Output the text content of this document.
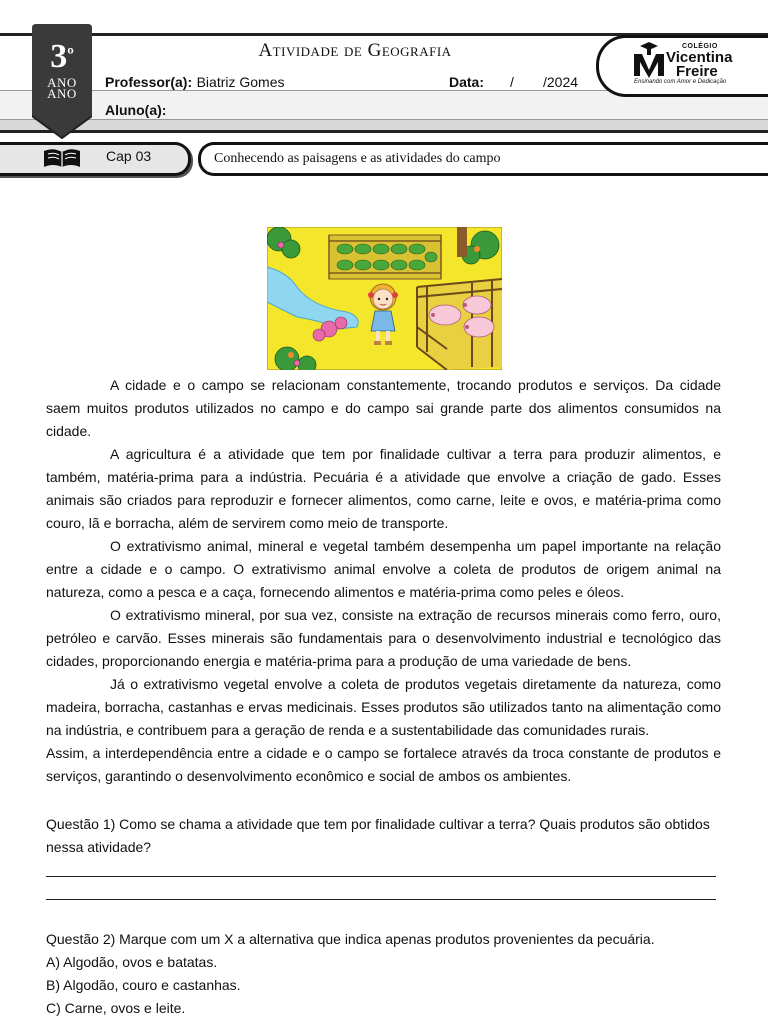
$3^º$
ANO
ANO
Atividade de Geografia
Professor(a): Biatriz Gomes	Data: / /2024
Aluno(a):
COLÉGIO
Vicentina
Freire
Ensinando com Amor e Dedicação
Cap 03	Conhecendo as paisagens e as atividades do campo

A cidade e o campo se relacionam constantemente, trocando produtos e serviços. Da cidade saem muitos produtos utilizados no campo e do campo sai grande parte dos alimentos consumidos na cidade.

A agricultura é a atividade que tem por finalidade cultivar a terra para produzir alimentos, e também, matéria-prima para a indústria. Pecuária é a atividade que envolve a criação de gado. Esses animais são criados para reproduzir e fornecer alimentos, como carne, leite e ovos, e matéria-prima como couro, lã e borracha, além de servirem como meio de transporte.

O extrativismo animal, mineral e vegetal também desempenha um papel importante na relação entre a cidade e o campo. O extrativismo animal envolve a coleta de produtos de origem animal na natureza, como a pesca e a caça, fornecendo alimentos e matéria-prima como peles e óleos.

O extrativismo mineral, por sua vez, consiste na extração de recursos minerais como ferro, ouro, petróleo e carvão. Esses minerais são fundamentais para o desenvolvimento industrial e tecnológico das cidades, proporcionando energia e matéria-prima para a produção de uma variedade de bens.

Já o extrativismo vegetal envolve a coleta de produtos vegetais diretamente da natureza, como madeira, borracha, castanhas e ervas medicinais. Esses produtos são utilizados tanto na alimentação como na indústria, e contribuem para a geração de renda e a sustentabilidade das comunidades rurais.

Assim, a interdependência entre a cidade e o campo se fortalece através da troca constante de produtos e serviços, garantindo o desenvolvimento econômico e social de ambos os ambientes.

Questão 1) Como se chama a atividade que tem por finalidade cultivar a terra? Quais produtos são obtidos nessa atividade?
Questão 2) Marque com um X a alternativa que indica apenas produtos provenientes da pecuária.
A) Algodão, ovos e batatas.
B) Algodão, couro e castanhas.
C) Carne, ovos e leite.
